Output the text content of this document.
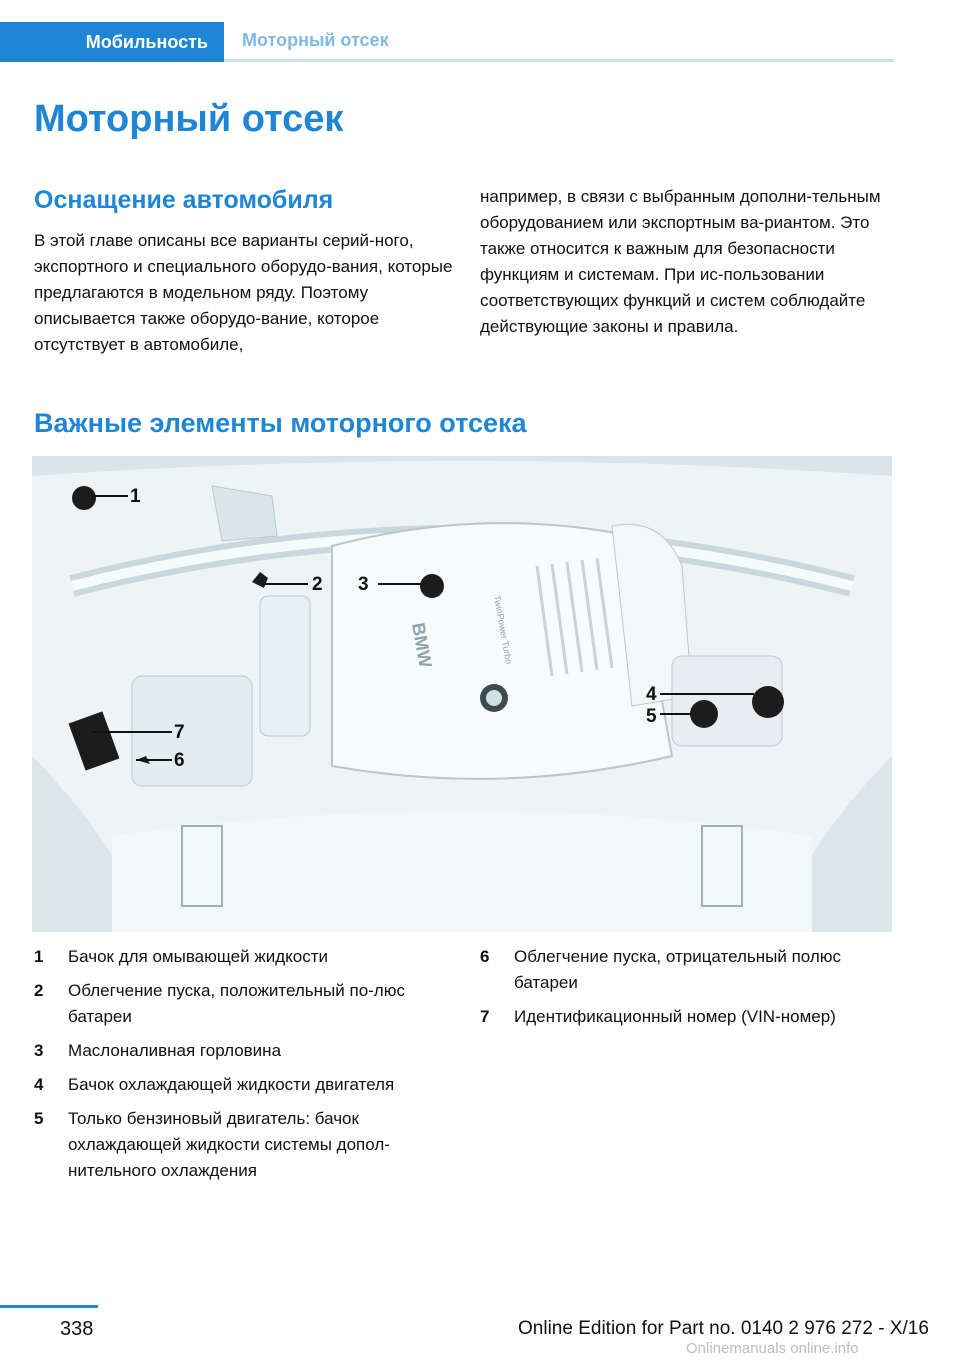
Мобильность	Моторный отсек
Моторный отсек
Оснащение автомобиля

В этой главе описаны все варианты серий-ного, экспортного и специального оборудо-вания, которые предлагаются в модельном ряду. Поэтому описывается также оборудо-вание, которое отсутствует в автомобиле,

например, в связи с выбранным дополни-тельным оборудованием или экспортным ва-риантом. Это также относится к важным для безопасности функциям и системам. При ис-пользовании соответствующих функций и систем соблюдайте действующие законы и правила.

Важные элементы моторного отсека
BMW	TwinPower Turbo
1
2 3
4
5
7
6
1	Бачок для омывающей жидкости
2	Облегчение пуска, положительный по-люс батареи
3	Маслоналивная горловина
4	Бачок охлаждающей жидкости двигателя
5	Только бензиновый двигатель: бачок охлаждающей жидкости системы допол-нительного охлаждения
6	Облегчение пуска, отрицательный полюс батареи
7	Идентификационный номер (VIN-номер)
338	Online Edition for Part no. 0140 2 976 272 - X/16
Onlinemanuals online.info
